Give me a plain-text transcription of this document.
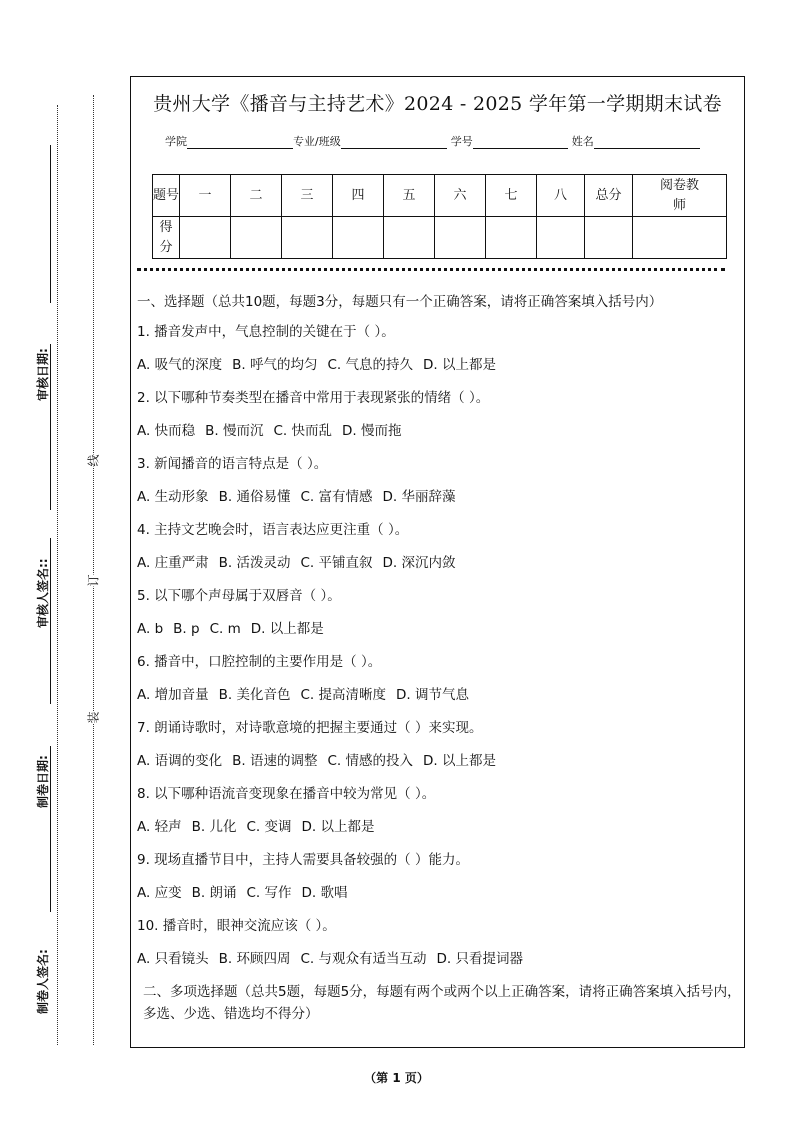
审核日期:
审核人签名::
制卷日期:
制卷人签名:
线
订
装
贵州大学《播音与主持艺术》2024 - 2025 学年第一学期期末试卷
学院	专业/班级	学号	姓名
题号	一	二	三	四	五	六	七	八	总分	阅卷教师
得分										
一、选择题（总共10题，每题3分，每题只有一个正确答案，请将正确答案填入括号内）
1. 播音发声中，气息控制的关键在于（ ）。
A. 吸气的深度 B. 呼气的均匀 C. 气息的持久 D. 以上都是
2. 以下哪种节奏类型在播音中常用于表现紧张的情绪（ ）。
A. 快而稳 B. 慢而沉 C. 快而乱 D. 慢而拖
3. 新闻播音的语言特点是（ ）。
A. 生动形象 B. 通俗易懂 C. 富有情感 D. 华丽辞藻
4. 主持文艺晚会时，语言表达应更注重（ ）。
A. 庄重严肃 B. 活泼灵动 C. 平铺直叙 D. 深沉内敛
5. 以下哪个声母属于双唇音（ ）。
A. b B. p C. m D. 以上都是
6. 播音中，口腔控制的主要作用是（ ）。
A. 增加音量 B. 美化音色 C. 提高清晰度 D. 调节气息
7. 朗诵诗歌时，对诗歌意境的把握主要通过（ ）来实现。
A. 语调的变化 B. 语速的调整 C. 情感的投入 D. 以上都是
8. 以下哪种语流音变现象在播音中较为常见（ ）。
A. 轻声 B. 儿化 C. 变调 D. 以上都是
9. 现场直播节目中，主持人需要具备较强的（ ）能力。
A. 应变 B. 朗诵 C. 写作 D. 歌唱
10. 播音时，眼神交流应该（ ）。
A. 只看镜头 B. 环顾四周 C. 与观众有适当互动 D. 只看提词器
二、多项选择题（总共5题，每题5分，每题有两个或两个以上正确答案，请将正确答案填入括号内，多选、少选、错选均不得分）
（第 1 页）
